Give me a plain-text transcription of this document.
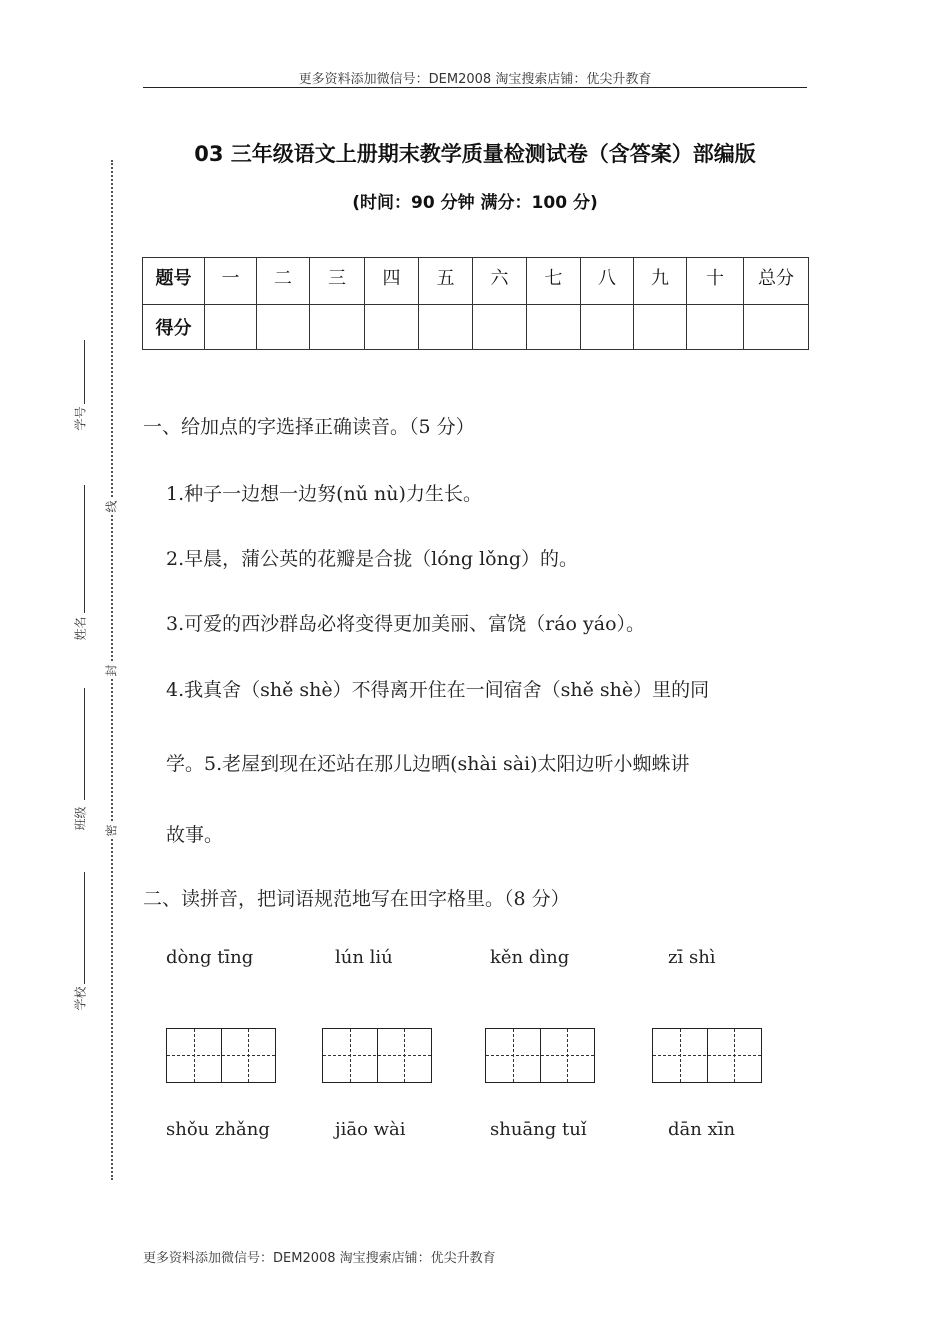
更多资料添加微信号：DEM2008 淘宝搜索店铺：优尖升教育
03 三年级语文上册期末教学质量检测试卷（含答案）部编版
(时间：90 分钟 满分：100 分)
题号	一	二	三	四	五	六	七	八	九	十	总分
得分											
学号
姓名
班级
学校
线
封
密
一、给加点的字选择正确读音。（5 分）
1.种子一边想一边努(nǔ nù)力生长。
2.早晨，蒲公英的花瓣是合拢（lóng lǒng）的。
3.可爱的西沙群岛必将变得更加美丽、富饶（ráo yáo）。
4.我真舍（shě shè）不得离开住在一间宿舍（shě shè）里的同
学。5.老屋到现在还站在那儿边晒(shài sài)太阳边听小蜘蛛讲
故事。
二、读拼音，把词语规范地写在田字格里。（8 分）
dòng tīng	lún liú	kěn dìng	zī shì
shǒu zhǎng	jiāo wài	shuāng tuǐ	dān xīn
更多资料添加微信号：DEM2008 淘宝搜索店铺：优尖升教育
